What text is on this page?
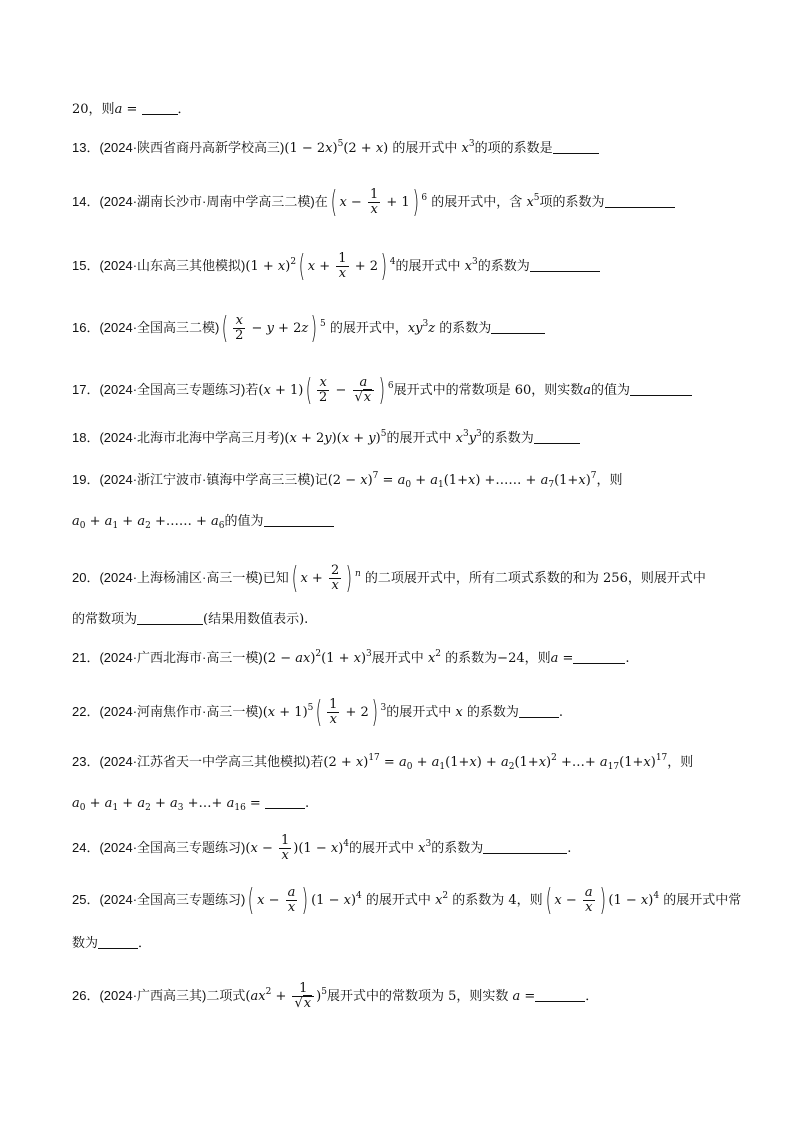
20，则a =	．
13．(2024·陕西省商丹高新学校高三)$(1 - 2x)^5(2 + x)$ 的展开式中 $x^3$的项的系数是
14．(2024·湖南长沙市·周南中学高三二模)在( $x - \frac{1}{x} + 1$) $^6$ 的展开式中，含 $x^5$项的系数为
15．(2024·山东高三其他模拟)$(1 + x)^2$( $x + \frac{1}{x} + 2$) $^4$的展开式中 $x^3$的系数为
16．(2024·全国高三二模)( $\frac{x}{2} - y + 2z$) $^5$ 的展开式中，$xy^3z$ 的系数为
17．(2024·全国高三专题练习)若$(x + 1)( \frac{x}{2} - \frac{a}{√x}$ ) $^6$展开式中的常数项是 60，则实数a的值为
18．(2024·北海市北海中学高三月考)$(x + 2y)(x + y)^5$的展开式中 $x^3y^3$的系数为
19．(2024·浙江宁波市·镇海中学高三三模)记$(2 - x)^7 = a_0 + a_1(1+x)$ +…… + $a_7(1+x)^7$，则
$a_0 + a_1 + a_2$ +…… + $a_6$的值为
20．(2024·上海杨浦区·高三一模)已知( $x + \frac{2}{x}$ ) $^n$ 的二项展开式中，所有二项式系数的和为 256，则展开式中
的常数项为	(结果用数值表示).
21．(2024·广西北海市·高三一模)$(2 - ax)^2(1 + x)^3$展开式中 $x^2$ 的系数为−24，则a =	.
22．(2024·河南焦作市·高三一模)$(x + 1)^5( \frac{1}{x} + 2)$ $^3$的展开式中 x 的系数为	.
23．(2024·江苏省天一中学高三其他模拟)若$(2 + x)^{17} = a_0 + a_1(1+x) + a_2(1+x)^2$ +…+ $a_{17}(1+x)^{17}$，则
$a_0 + a_1 + a_2 + a_3$ +…+ $a_{16}$ =	.
24．(2024·全国高三专题练习)$(x - \frac{1}{x} )(1 - x)^4$的展开式中 $x^3$的系数为	.
25．(2024·全国高三专题练习)( $x - \frac{a}{x}$ ) $(1 - x)^4$ 的展开式中 $x^2$ 的系数为 4，则( $x - \frac{a}{x}$ ) $(1 - x)^4$ 的展开式中常
数为	．
26．(2024·广西高三其)二项式$(ax^2 + \frac{1}{√x} )^5$展开式中的常数项为 5，则实数 a =	．
